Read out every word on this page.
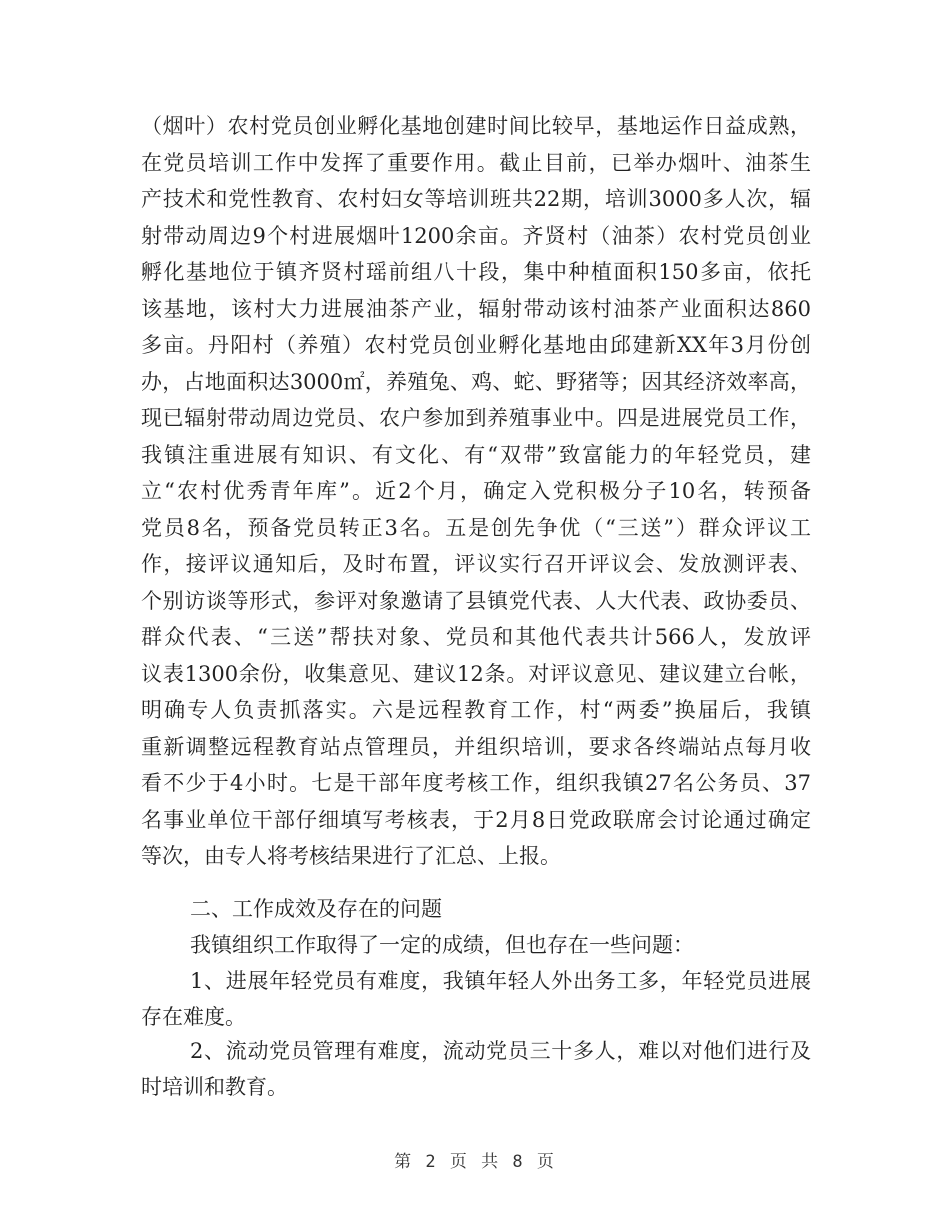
（烟叶）农村党员创业孵化基地创建时间比较早，基地运作日益成熟，
在党员培训工作中发挥了重要作用。截止目前，已举办烟叶、油茶生
产技术和党性教育、农村妇女等培训班共22期，培训3000多人次，辐
射带动周边9个村进展烟叶1200余亩。齐贤村（油茶）农村党员创业
孵化基地位于镇齐贤村瑶前组八十段，集中种植面积150多亩，依托
该基地，该村大力进展油茶产业，辐射带动该村油茶产业面积达860
多亩。丹阳村（养殖）农村党员创业孵化基地由邱建新XX年3月份创
办，占地面积达3000㎡，养殖兔、鸡、蛇、野猪等；因其经济效率高，
现已辐射带动周边党员、农户参加到养殖事业中。四是进展党员工作，
我镇注重进展有知识、有文化、有“双带”致富能力的年轻党员，建
立“农村优秀青年库”。近2个月，确定入党积极分子10名，转预备
党员8名，预备党员转正3名。五是创先争优（“三送”）群众评议工
作，接评议通知后，及时布置，评议实行召开评议会、发放测评表、
个别访谈等形式，参评对象邀请了县镇党代表、人大代表、政协委员、
群众代表、“三送”帮扶对象、党员和其他代表共计566人，发放评
议表1300余份，收集意见、建议12条。对评议意见、建议建立台帐，
明确专人负责抓落实。六是远程教育工作，村“两委”换届后，我镇
重新调整远程教育站点管理员，并组织培训，要求各终端站点每月收
看不少于4小时。七是干部年度考核工作，组织我镇27名公务员、37
名事业单位干部仔细填写考核表，于2月8日党政联席会讨论通过确定
等次，由专人将考核结果进行了汇总、上报。
二、工作成效及存在的问题
我镇组织工作取得了一定的成绩，但也存在一些问题：
1、进展年轻党员有难度，我镇年轻人外出务工多，年轻党员进展
存在难度。
2、流动党员管理有难度，流动党员三十多人，难以对他们进行及
时培训和教育。
第 2 页 共 8 页
